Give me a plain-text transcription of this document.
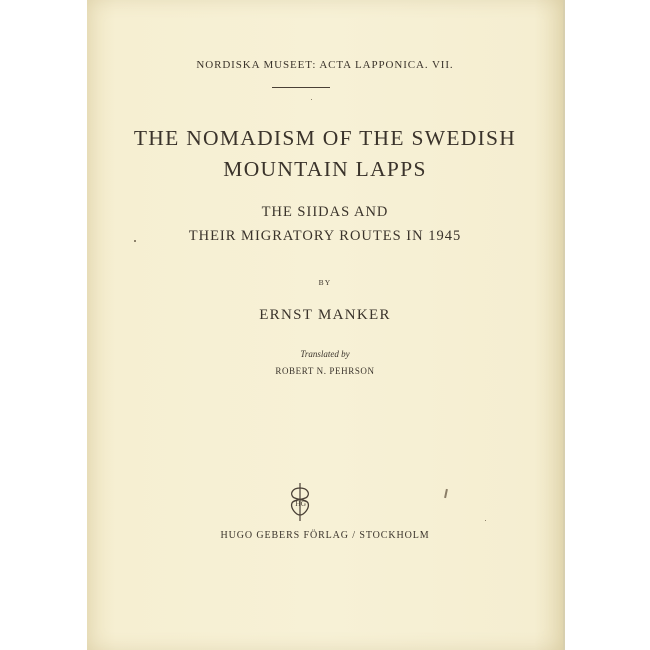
NORDISKA MUSEET: ACTA LAPPONICA. VII.
THE NOMADISM OF THE SWEDISH
MOUNTAIN LAPPS
THE SIIDAS AND
THEIR MIGRATORY ROUTES IN 1945
BY
ERNST MANKER
Translated by
ROBERT N. PEHRSON
HG
HUGO GEBERS FÖRLAG / STOCKHOLM
